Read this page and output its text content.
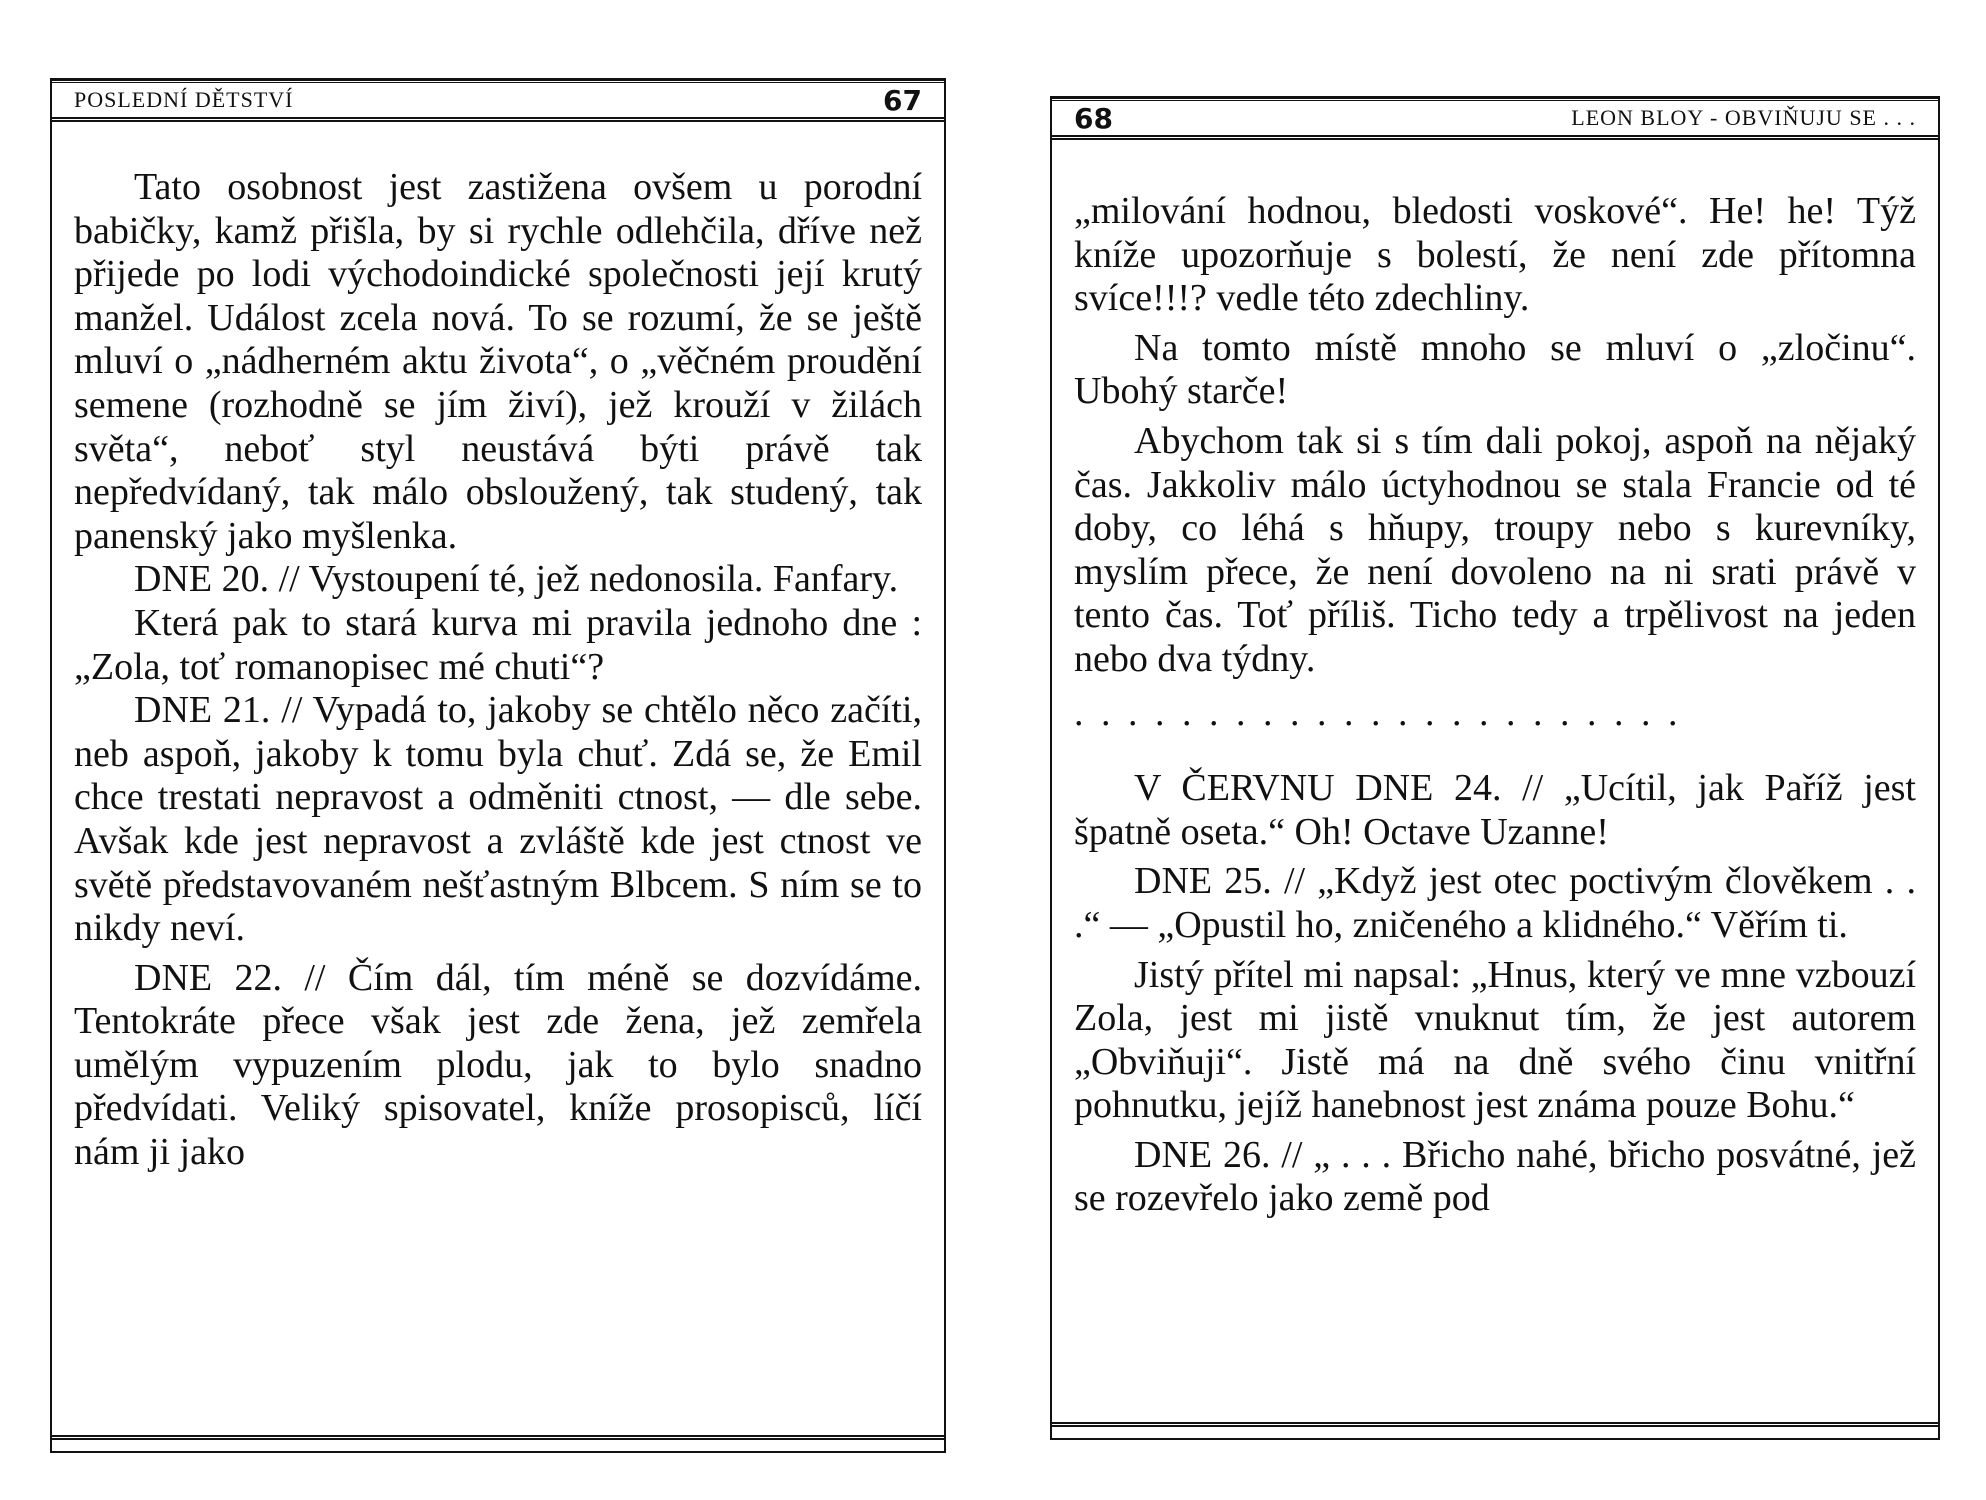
POSLEDNÍ DĚTSTVÍ	67

Tato osobnost jest zastižena ovšem u porodní babičky, kamž přišla, by si rychle odlehčila, dříve než přijede po lodi východoindické společnosti její krutý manžel. Událost zcela nová. To se rozumí, že se ještě mluví o „nádherném aktu života“, o „věčném proudění semene (rozhodně se jím živí), jež krouží v žilách světa“, neboť styl neustává býti právě tak nepředvídaný, tak málo obsloužený, tak studený, tak panenský jako myšlenka.

DNE 20. // Vystoupení té, jež nedonosila. Fanfary.

Která pak to stará kurva mi pravila jednoho dne : „Zola, toť romanopisec mé chuti“?

DNE 21. // Vypadá to, jakoby se chtělo něco začíti, neb aspoň, jakoby k tomu byla chuť. Zdá se, že Emil chce trestati nepravost a odměniti ctnost, — dle sebe. Avšak kde jest nepravost a zvláště kde jest ctnost ve světě představovaném nešťastným Blbcem. S ním se to nikdy neví.

DNE 22. // Čím dál, tím méně se dozvídáme. Tentokráte přece však jest zde žena, jež zemřela umělým vypuzením plodu, jak to bylo snadno předvídati. Veliký spisovatel, kníže prosopisců, líčí nám ji jako

68	LEON BLOY - OBVIŇUJU SE . . .

„milování hodnou, bledosti voskové“. He! he! Týž kníže upozorňuje s bolestí, že není zde přítomna svíce!!!? vedle této zdechliny.

Na tomto místě mnoho se mluví o „zločinu“. Ubohý starče!

Abychom tak si s tím dali pokoj, aspoň na nějaký čas. Jakkoliv málo úctyhodnou se stala Francie od té doby, co léhá s hňupy, troupy nebo s kurevníky, myslím přece, že není dovoleno na ni srati právě v tento čas. Toť příliš. Ticho tedy a trpělivost na jeden nebo dva týdny.

. . . . . . . . . . . . . . . . . . . . . . .

V ČERVNU DNE 24. // „Ucítil, jak Paříž jest špatně oseta.“ Oh! Octave Uzanne!

DNE 25. // „Když jest otec poctivým člověkem . . .“ — „Opustil ho, zničeného a klidného.“ Věřím ti.

Jistý přítel mi napsal: „Hnus, který ve mne vzbouzí Zola, jest mi jistě vnuknut tím, že jest autorem „Obviňuji“. Jistě má na dně svého činu vnitřní pohnutku, jejíž hanebnost jest známa pouze Bohu.“

DNE 26. // „ . . . Břicho nahé, břicho posvátné, jež se rozevřelo jako země pod
